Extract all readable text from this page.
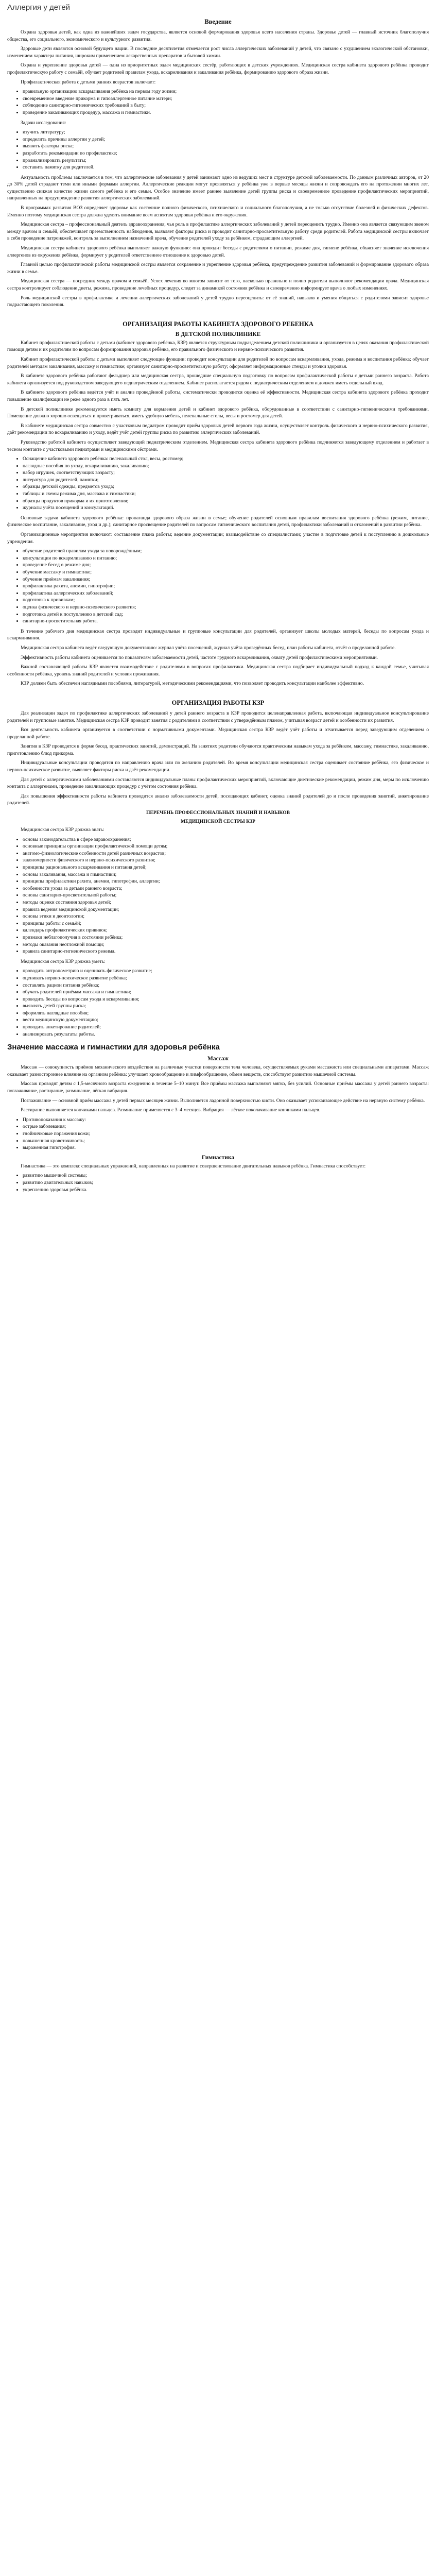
Аллергия у детей
Введение

Охрана здоровья детей, как одна из важнейших задач государства, является основой формирования здоровья всего населения страны. Здоровье детей — главный источник благополучия общества, его социального, экономического и культурного развития.

Здоровые дети являются основой будущего нации. В последние десятилетия отмечается рост числа аллергических заболеваний у детей, что связано с ухудшением экологической обстановки, изменением характера питания, широким применением лекарственных препаратов и бытовой химии.

Охрана и укрепление здоровья детей — одна из приоритетных задач медицинских сестёр, работающих в детских учреждениях. Медицинская сестра кабинета здорового ребёнка проводит профилактическую работу с семьёй, обучает родителей правилам ухода, вскармливания и закаливания ребёнка, формированию здорового образа жизни.

Профилактическая работа с детьми ранних возрастов включает:

• правильную организацию вскармливания ребёнка на первом году жизни;
• своевременное введение прикорма и гипоаллергенное питание матери;
• соблюдение санитарно-гигиенических требований в быту;
• проведение закаливающих процедур, массажа и гимнастики.

Задачи исследования:

• изучить литературу;
• определить причины аллергии у детей;
• выявить факторы риска;
• разработать рекомендации по профилактике;
• проанализировать результаты;
• составить памятку для родителей.

Актуальность проблемы заключается в том, что аллергические заболевания у детей занимают одно из ведущих мест в структуре детской заболеваемости. По данным различных авторов, от 20 до 30% детей страдают теми или иными формами аллергии. Аллергические реакции могут проявляться у ребёнка уже в первые месяцы жизни и сопровождать его на протяжении многих лет, существенно снижая качество жизни самого ребёнка и его семьи. Особое значение имеет раннее выявление детей группы риска и своевременное проведение профилактических мероприятий, направленных на предупреждение развития аллергических заболеваний.

В программах развития ВОЗ определяет здоровье как состояние полного физического, психического и социального благополучия, а не только отсутствие болезней и физических дефектов. Именно поэтому медицинская сестра должна уделять внимание всем аспектам здоровья ребёнка и его окружения.

Медицинская сестра – профессиональный деятель здравоохранения, чья роль в профилактике аллергических заболеваний у детей переоценить трудно. Именно она является связующим звеном между врачом и семьёй, обеспечивает преемственность наблюдения, выявляет факторы риска и проводит санитарно-просветительную работу среди родителей. Работа медицинской сестры включает в себя проведение патронажей, контроль за выполнением назначений врача, обучение родителей уходу за ребёнком, страдающим аллергией.

Медицинская сестра кабинета здорового ребёнка выполняет важную функцию: она проводит беседы с родителями о питании, режиме дня, гигиене ребёнка, объясняет значение исключения аллергенов из окружения ребёнка, формирует у родителей ответственное отношение к здоровью детей.

Главной целью профилактической работы медицинской сестры является сохранение и укрепление здоровья ребёнка, предупреждение развития заболеваний и формирование здорового образа жизни в семье.

Медицинская сестра — посредник между врачом и семьёй. Успех лечения во многом зависит от того, насколько правильно и полно родители выполняют рекомендации врача. Медицинская сестра контролирует соблюдение диеты, режима, проведение лечебных процедур, следит за динамикой состояния ребёнка и своевременно информирует врача о любых изменениях.

Роль медицинской сестры в профилактике и лечении аллергических заболеваний у детей трудно переоценить: от её знаний, навыков и умения общаться с родителями зависит здоровье подрастающего поколения.

ОРГАНИЗАЦИЯ РАБОТЫ КАБИНЕТА ЗДОРОВОГО РЕБЕНКА
В ДЕТСКОЙ ПОЛИКЛИНИКЕ

Кабинет профилактической работы с детьми (кабинет здорового ребёнка, КЗР) является структурным подразделением детской поликлиники и организуется в целях оказания профилактической помощи детям и их родителям по вопросам формирования здоровья ребёнка, его правильного физического и нервно-психического развития.

Кабинет профилактической работы с детьми выполняет следующие функции: проводит консультации для родителей по вопросам вскармливания, ухода, режима и воспитания ребёнка; обучает родителей методам закаливания, массажу и гимнастике; организует санитарно-просветительную работу; оформляет информационные стенды и уголки здоровья.

В кабинете здорового ребёнка работают фельдшер или медицинская сестра, прошедшие специальную подготовку по вопросам профилактической работы с детьми раннего возраста. Работа кабинета организуется под руководством заведующего педиатрическим отделением. Кабинет располагается рядом с педиатрическим отделением и должен иметь отдельный вход.

В кабинете здорового ребёнка ведётся учёт и анализ проведённой работы, систематически проводится оценка её эффективности. Медицинская сестра кабинета здорового ребёнка проходит повышение квалификации не реже одного раза в пять лет.

В детской поликлинике рекомендуется иметь комнату для кормления детей и кабинет здорового ребёнка, оборудованные в соответствии с санитарно-гигиеническими требованиями. Помещение должно хорошо освещаться и проветриваться, иметь удобную мебель, пеленальные столы, весы и ростомер для детей.

В кабинете медицинская сестра совместно с участковым педиатром проводит приём здоровых детей первого года жизни, осуществляет контроль физического и нервно-психического развития, даёт рекомендации по вскармливанию и уходу, ведёт учёт детей группы риска по развитию аллергических заболеваний.

Руководство работой кабинета осуществляет заведующий педиатрическим отделением. Медицинская сестра кабинета здорового ребёнка подчиняется заведующему отделением и работает в тесном контакте с участковыми педиатрами и медицинскими сёстрами.

• Оснащение кабинета здорового ребёнка: пеленальный стол, весы, ростомер;
• наглядные пособия по уходу, вскармливанию, закаливанию;
• набор игрушек, соответствующих возрасту;
• литература для родителей, памятки;
• образцы детской одежды, предметов ухода;
• таблицы и схемы режима дня, массажа и гимнастики;
• образцы продуктов прикорма и их приготовления;
• журналы учёта посещений и консультаций.

Основные задачи кабинета здорового ребёнка: пропаганда здорового образа жизни в семье; обучение родителей основным правилам воспитания здорового ребёнка (режим, питание, физическое воспитание, закаливание, уход и др.); санитарное просвещение родителей по вопросам гигиенического воспитания детей, профилактики заболеваний и отклонений в развитии ребёнка.

Организационные мероприятия включают: составление плана работы; ведение документации; взаимодействие со специалистами; участие в подготовке детей к поступлению в дошкольные учреждения.

• обучение родителей правилам ухода за новорождённым;
• консультации по вскармливанию и питанию;
• проведение бесед о режиме дня;
• обучение массажу и гимнастике;
• обучение приёмам закаливания;
• профилактика рахита, анемии, гипотрофии;
• профилактика аллергических заболеваний;
• подготовка к прививкам;
• оценка физического и нервно-психического развития;
• подготовка детей к поступлению в детский сад;
• санитарно-просветительная работа.

В течение рабочего дня медицинская сестра проводит индивидуальные и групповые консультации для родителей, организует школы молодых матерей, беседы по вопросам ухода и вскармливания.

Медицинская сестра кабинета ведёт следующую документацию: журнал учёта посещений, журнал учёта проведённых бесед, план работы кабинета, отчёт о проделанной работе.

Эффективность работы кабинета оценивается по показателям заболеваемости детей, частоте грудного вскармливания, охвату детей профилактическими мероприятиями.

Важной составляющей работы КЗР является взаимодействие с родителями в вопросах профилактики. Медицинская сестра подбирает индивидуальный подход к каждой семье, учитывая особенности ребёнка, уровень знаний родителей и условия проживания.

КЗР должен быть обеспечен наглядными пособиями, литературой, методическими рекомендациями, что позволяет проводить консультации наиболее эффективно.

ОРГАНИЗАЦИЯ РАБОТЫ КЗР

Для реализации задач по профилактике аллергических заболеваний у детей раннего возраста в КЗР проводится целенаправленная работа, включающая индивидуальное консультирование родителей и групповые занятия. Медицинская сестра КЗР проводит занятия с родителями в соответствии с утверждённым планом, учитывая возраст детей и особенности их развития.

Вся деятельность кабинета организуется в соответствии с нормативными документами. Медицинская сестра КЗР ведёт учёт работы и отчитывается перед заведующим отделением о проделанной работе.

Занятия в КЗР проводятся в форме бесед, практических занятий, демонстраций. На занятиях родители обучаются практическим навыкам ухода за ребёнком, массажу, гимнастике, закаливанию, приготовлению блюд прикорма.

Индивидуальные консультации проводятся по направлению врача или по желанию родителей. Во время консультации медицинская сестра оценивает состояние ребёнка, его физическое и нервно-психическое развитие, выявляет факторы риска и даёт рекомендации.

Для детей с аллергическими заболеваниями составляются индивидуальные планы профилактических мероприятий, включающие диетические рекомендации, режим дня, меры по исключению контакта с аллергенами, проведение закаливающих процедур с учётом состояния ребёнка.

Для повышения эффективности работы кабинета проводится анализ заболеваемости детей, посещающих кабинет, оценка знаний родителей до и после проведения занятий, анкетирование родителей.

ПЕРЕЧЕНЬ ПРОФЕССИОНАЛЬНЫХ ЗНАНИЙ И НАВЫКОВ
МЕДИЦИНСКОЙ СЕСТРЫ КЗР

Медицинская сестра КЗР должна знать:

• основы законодательства в сфере здравоохранения;
• основные принципы организации профилактической помощи детям;
• анатомо-физиологические особенности детей различных возрастов;
• закономерности физического и нервно-психического развития;
• принципы рационального вскармливания и питания детей;
• основы закаливания, массажа и гимнастики;
• принципы профилактики рахита, анемии, гипотрофии, аллергии;
• особенности ухода за детьми раннего возраста;
• основы санитарно-просветительной работы;
• методы оценки состояния здоровья детей;
• правила ведения медицинской документации;
• основы этики и деонтологии;
• принципы работы с семьёй;
• календарь профилактических прививок;
• признаки неблагополучия в состоянии ребёнка;
• методы оказания неотложной помощи;
• правила санитарно-гигиенического режима.

Медицинская сестра КЗР должна уметь:

• проводить антропометрию и оценивать физическое развитие;
• оценивать нервно-психическое развитие ребёнка;
• составлять рацион питания ребёнка;
• обучать родителей приёмам массажа и гимнастики;
• проводить беседы по вопросам ухода и вскармливания;
• выявлять детей группы риска;
• оформлять наглядные пособия;
• вести медицинскую документацию;
• проводить анкетирование родителей;
• анализировать результаты работы.
Значение массажа и гимнастики для здоровья ребёнка
Массаж

Массаж — совокупность приёмов механического воздействия на различные участки поверхности тела человека, осуществляемых руками массажиста или специальными аппаратами. Массаж оказывает разностороннее влияние на организм ребёнка: улучшает кровообращение и лимфообращение, обмен веществ, способствует развитию мышечной системы.

Массаж проводят детям с 1,5-месячного возраста ежедневно в течение 5–10 минут. Все приёмы массажа выполняют мягко, без усилий. Основные приёмы массажа у детей раннего возраста: поглаживание, растирание, разминание, лёгкая вибрация.

Поглаживание — основной приём массажа у детей первых месяцев жизни. Выполняется ладонной поверхностью кисти. Оно оказывает успокаивающее действие на нервную систему ребёнка.

Растирание выполняется кончиками пальцев. Разминание применяется с 3–4 месяцев. Вибрация — лёгкое поколачивание кончиками пальцев.

• Противопоказания к массажу:
• острые заболевания;
• гнойничковые поражения кожи;
• повышенная кровоточивость;
• выраженная гипотрофия.
Гимнастика

Гимнастика — это комплекс специальных упражнений, направленных на развитие и совершенствование двигательных навыков ребёнка. Гимнастика способствует:

• развитию мышечной системы;
• развитию двигательных навыков;
• укреплению здоровья ребёнка.
